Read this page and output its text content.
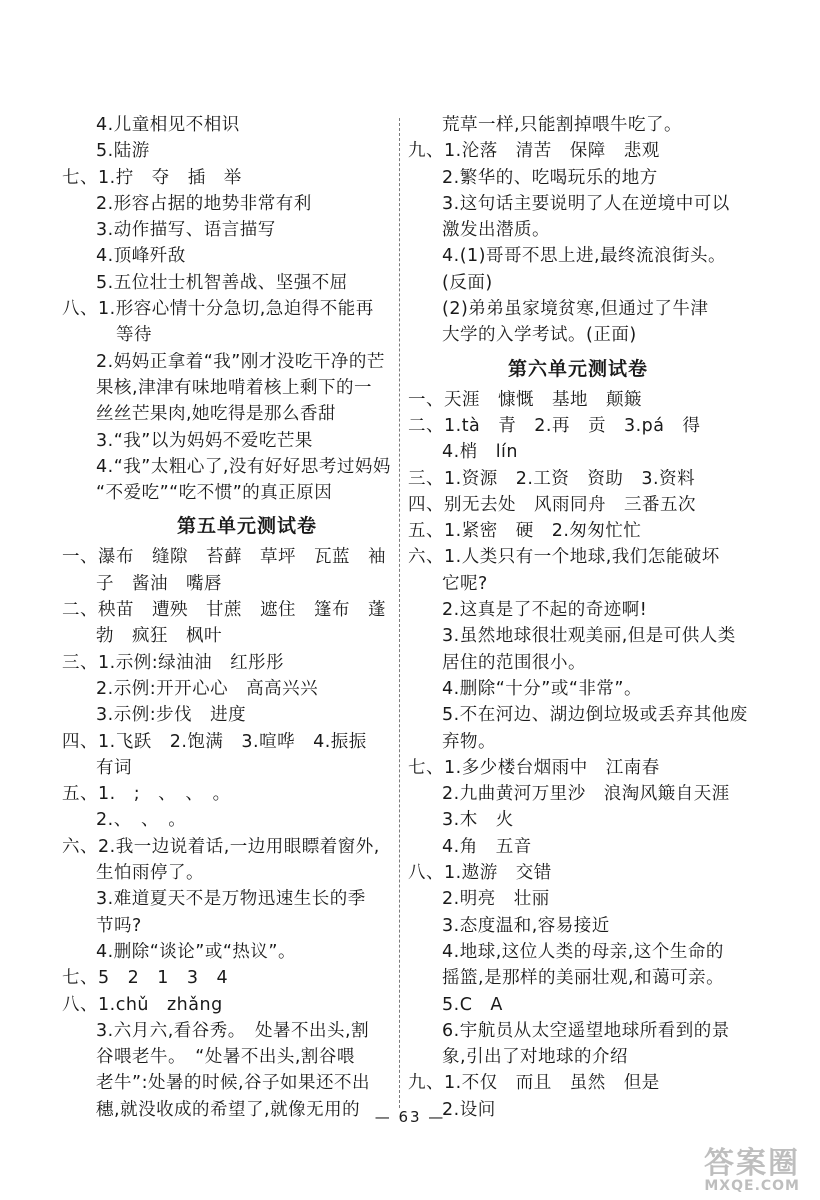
4.儿童相见不相识
5.陆游
七、1.拧　夺　插　举
2.形容占据的地势非常有利
3.动作描写、语言描写
4.顶峰歼敌
5.五位壮士机智善战、坚强不屈
八、1.形容心情十分急切,急迫得不能再
等待
2.妈妈正拿着“我”刚才没吃干净的芒
果核,津津有味地啃着核上剩下的一
丝丝芒果肉,她吃得是那么香甜
3.“我”以为妈妈不爱吃芒果
4.“我”太粗心了,没有好好思考过妈妈
“不爱吃”“吃不惯”的真正原因
第五单元测试卷
一、瀑布　缝隙　苔藓　草坪　瓦蓝　袖
子　酱油　嘴唇
二、秧苗　遭殃　甘蔗　遮住　篷布　蓬
勃　疯狂　枫叶
三、1.示例:绿油油　红彤彤
2.示例:开开心心　高高兴兴
3.示例:步伐　进度
四、1.飞跃　2.饱满　3.喧哗　4.振振
有词
五、1.　;　、　、　。
2.、　、　。
六、2.我一边说着话,一边用眼瞟着窗外,
生怕雨停了。
3.难道夏天不是万物迅速生长的季
节吗?
4.删除“谈论”或“热议”。
七、5　2　1　3　4
八、1.chǔ　zhǎng
3.六月六,看谷秀。　处暑不出头,割
谷喂老牛。　“处暑不出头,割谷喂
老牛”:处暑的时候,谷子如果还不出
穗,就没收成的希望了,就像无用的
荒草一样,只能割掉喂牛吃了。
九、1.沦落　清苦　保障　悲观
2.繁华的、吃喝玩乐的地方
3.这句话主要说明了人在逆境中可以
激发出潜质。
4.(1)哥哥不思上进,最终流浪街头。
(反面)
(2)弟弟虽家境贫寒,但通过了牛津
大学的入学考试。(正面)
第六单元测试卷
一、天涯　慷慨　基地　颠簸
二、1.tà　青　2.再　贡　3.pá　得
4.梢　lín
三、1.资源　2.工资　资助　3.资料
四、别无去处　风雨同舟　三番五次
五、1.紧密　硬　2.匆匆忙忙
六、1.人类只有一个地球,我们怎能破坏
它呢?
2.这真是了不起的奇迹啊!
3.虽然地球很壮观美丽,但是可供人类
居住的范围很小。
4.删除“十分”或“非常”。
5.不在河边、湖边倒垃圾或丢弃其他废
弃物。
七、1.多少楼台烟雨中　江南春
2.九曲黄河万里沙　浪淘风簸自天涯
3.木　火
4.角　五音
八、1.遨游　交错
2.明亮　壮丽
3.态度温和,容易接近
4.地球,这位人类的母亲,这个生命的
摇篮,是那样的美丽壮观,和蔼可亲。
5.C　A
6.宇航员从太空遥望地球所看到的景
象,引出了对地球的介绍
九、1.不仅　而且　虽然　但是
2.设问
— 63 —
答案圈
MXQE.COM
